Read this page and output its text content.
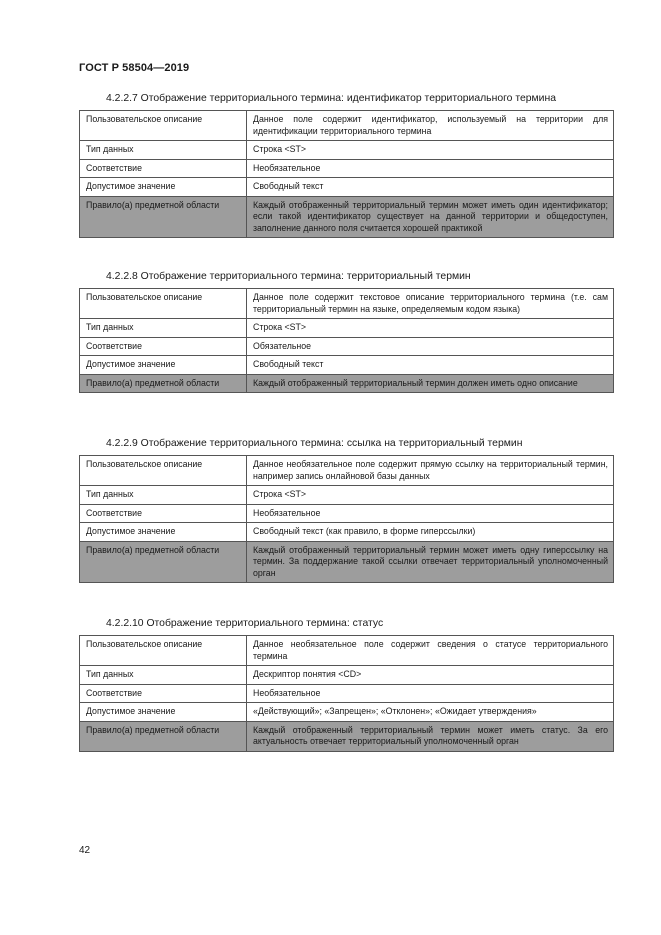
ГОСТ Р 58504—2019
4.2.2.7 Отображение территориального термина: идентификатор территориального термина
Пользовательское описание	Данное поле содержит идентификатор, используемый на территории для идентификации территориального термина
Тип данных	Строка <ST>
Соответствие	Необязательное
Допустимое значение	Свободный текст
Правило(а) предметной области	Каждый отображенный территориальный термин может иметь один идентификатор; если такой идентификатор существует на данной территории и общедоступен, заполнение данного поля считается хорошей практикой
4.2.2.8 Отображение территориального термина: территориальный термин
Пользовательское описание	Данное поле содержит текстовое описание территориального термина (т.е. сам территориальный термин на языке, определяемым кодом языка)
Тип данных	Строка <ST>
Соответствие	Обязательное
Допустимое значение	Свободный текст
Правило(а) предметной области	Каждый отображенный территориальный термин должен иметь одно описание
4.2.2.9 Отображение территориального термина: ссылка на территориальный термин
Пользовательское описание	Данное необязательное поле содержит прямую ссылку на территориальный термин, например запись онлайновой базы данных
Тип данных	Строка <ST>
Соответствие	Необязательное
Допустимое значение	Свободный текст (как правило, в форме гиперссылки)
Правило(а) предметной области	Каждый отображенный территориальный термин может иметь одну гиперссылку на термин. За поддержание такой ссылки отвечает территориальный уполномоченный орган
4.2.2.10 Отображение территориального термина: статус
Пользовательское описание	Данное необязательное поле содержит сведения о статусе территориального термина
Тип данных	Дескриптор понятия <CD>
Соответствие	Необязательное
Допустимое значение	«Действующий»; «Запрещен»; «Отклонен»; «Ожидает утверждения»
Правило(а) предметной области	Каждый отображенный территориальный термин может иметь статус. За его актуальность отвечает территориальный уполномоченный орган
42
